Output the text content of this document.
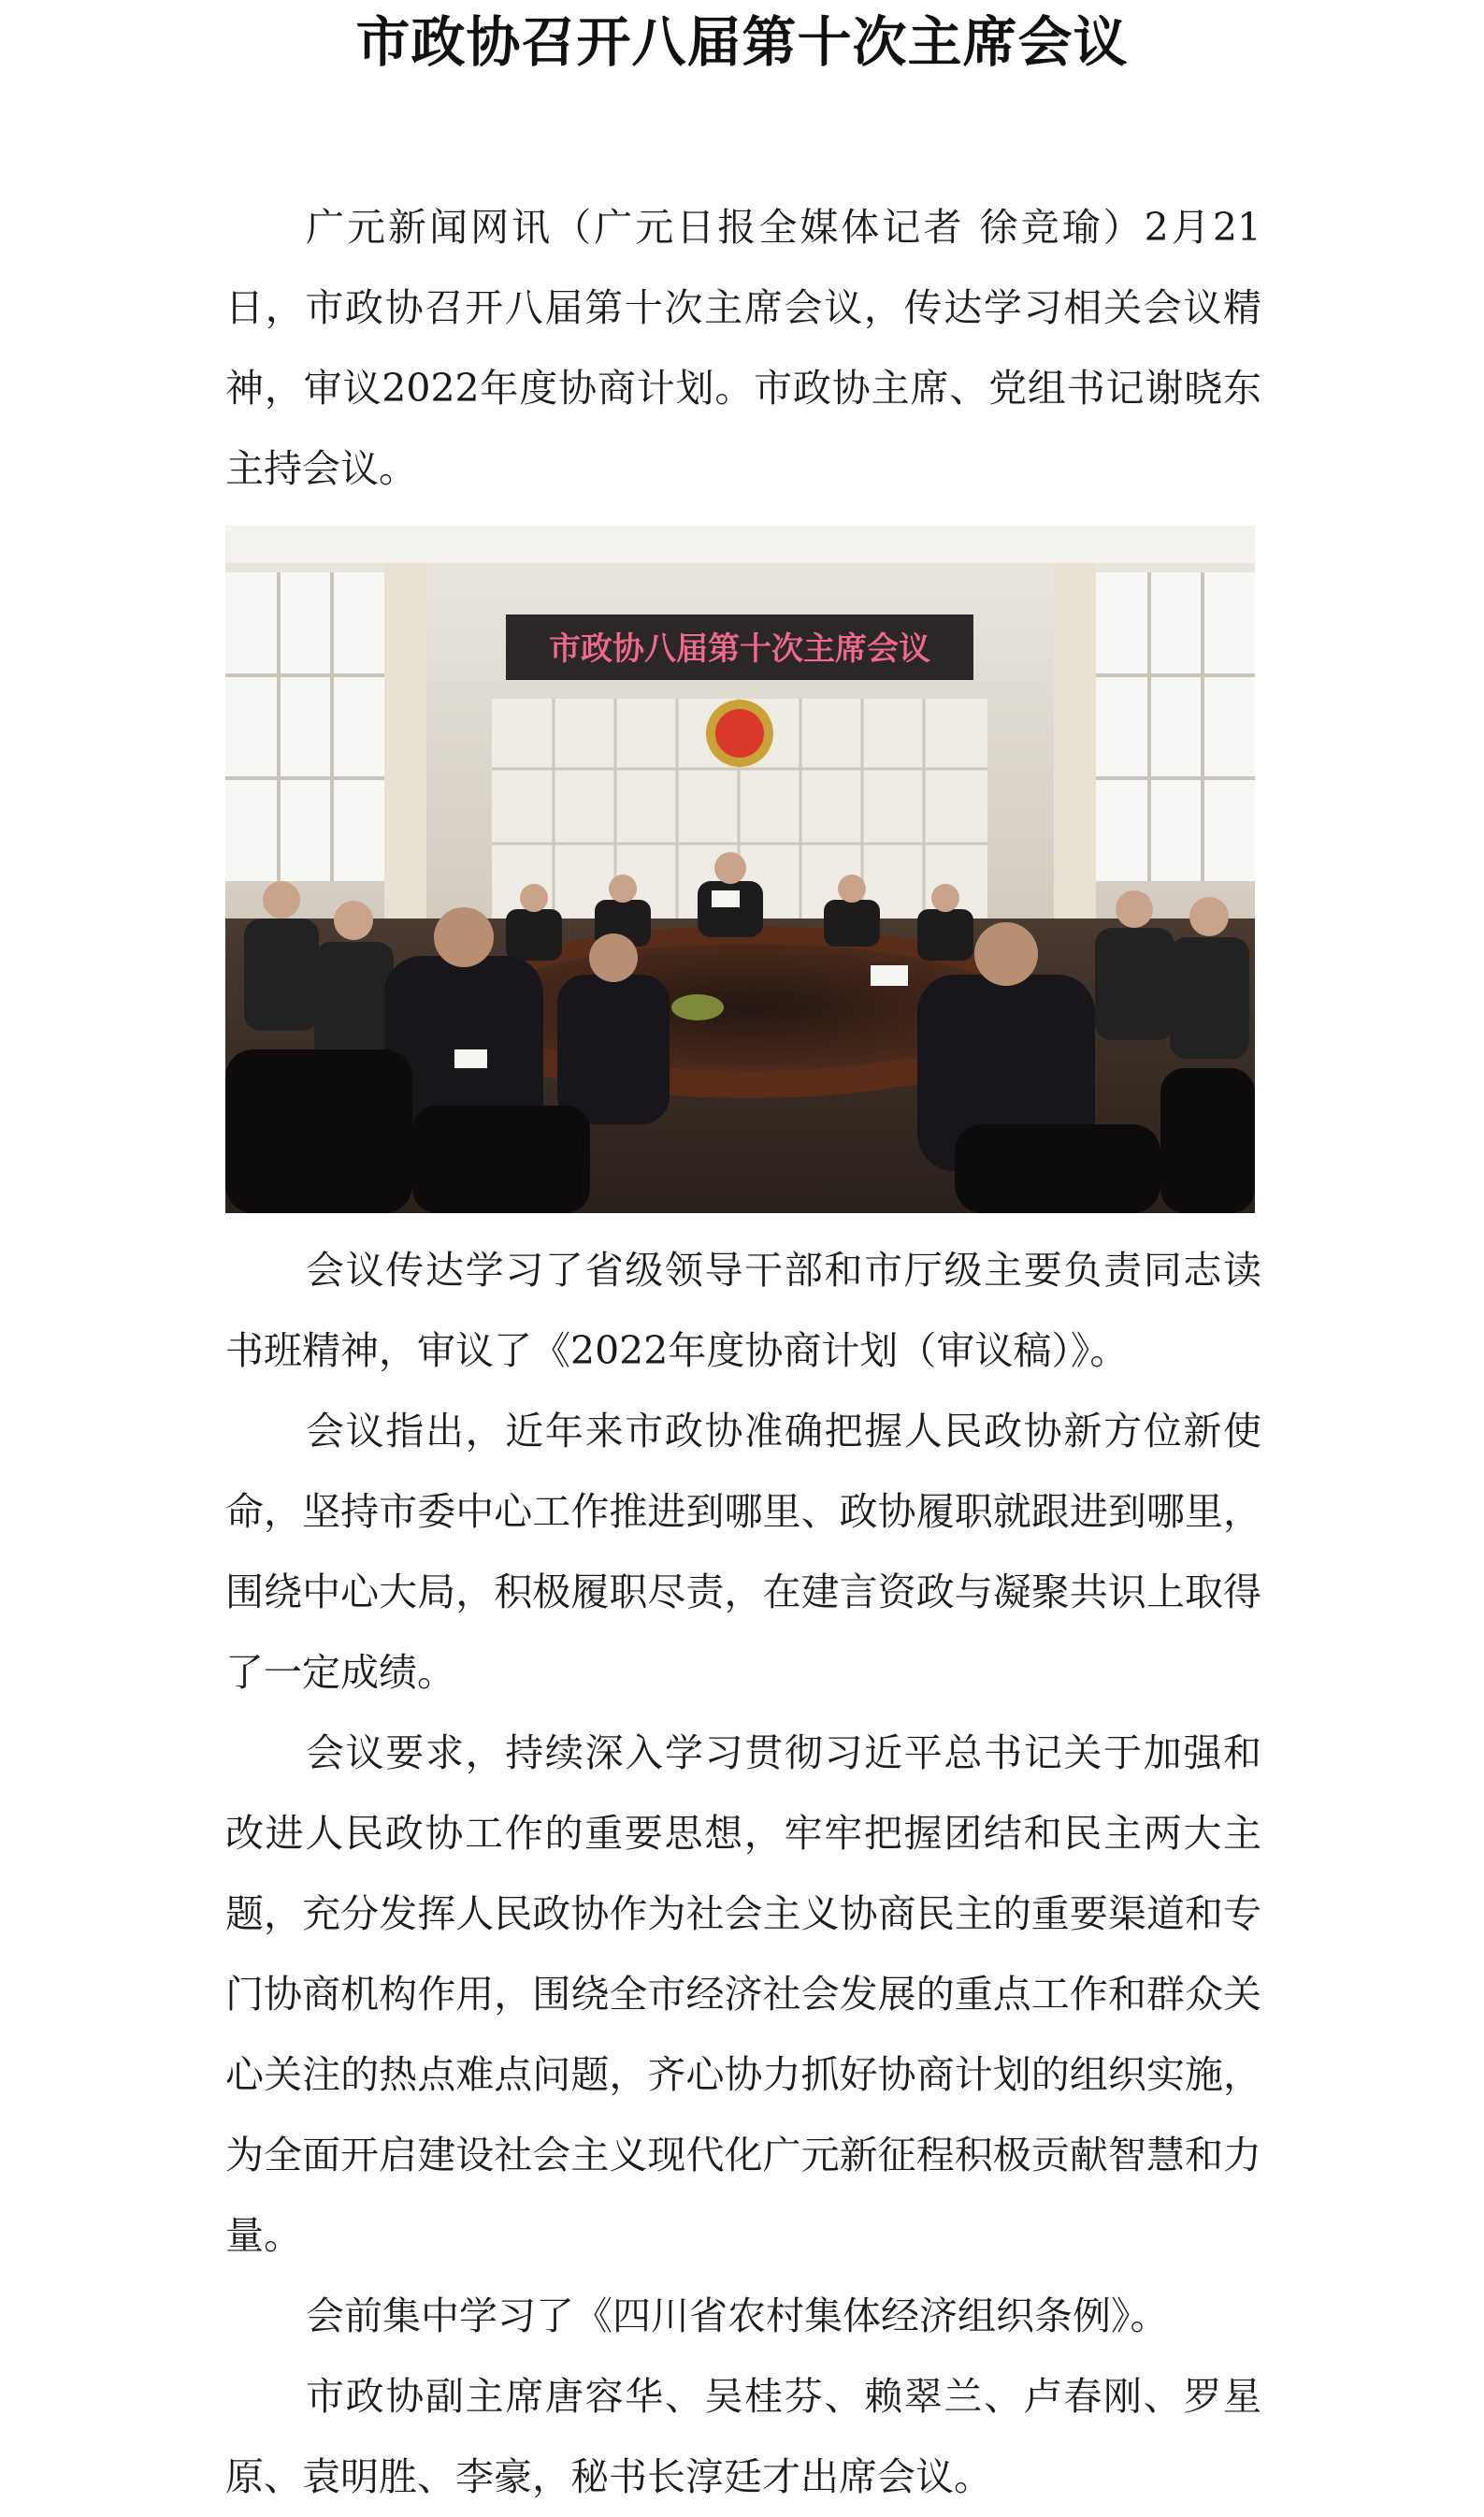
市政协召开八届第十次主席会议

广元新闻网讯（广元日报全媒体记者 徐竞瑜）2月21日，市政协召开八届第十次主席会议，传达学习相关会议精神，审议2022年度协商计划。市政协主席、党组书记谢晓东主持会议。

市政协八届第十次主席会议

会议传达学习了省级领导干部和市厅级主要负责同志读书班精神，审议了《2022年度协商计划（审议稿）》。

会议指出，近年来市政协准确把握人民政协新方位新使命，坚持市委中心工作推进到哪里、政协履职就跟进到哪里，围绕中心大局，积极履职尽责，在建言资政与凝聚共识上取得了一定成绩。

会议要求，持续深入学习贯彻习近平总书记关于加强和改进人民政协工作的重要思想，牢牢把握团结和民主两大主题，充分发挥人民政协作为社会主义协商民主的重要渠道和专门协商机构作用，围绕全市经济社会发展的重点工作和群众关心关注的热点难点问题，齐心协力抓好协商计划的组织实施，为全面开启建设社会主义现代化广元新征程积极贡献智慧和力量。

会前集中学习了《四川省农村集体经济组织条例》。

市政协副主席唐容华、吴桂芬、赖翠兰、卢春刚、罗星原、袁明胜、李豪，秘书长淳廷才出席会议。
